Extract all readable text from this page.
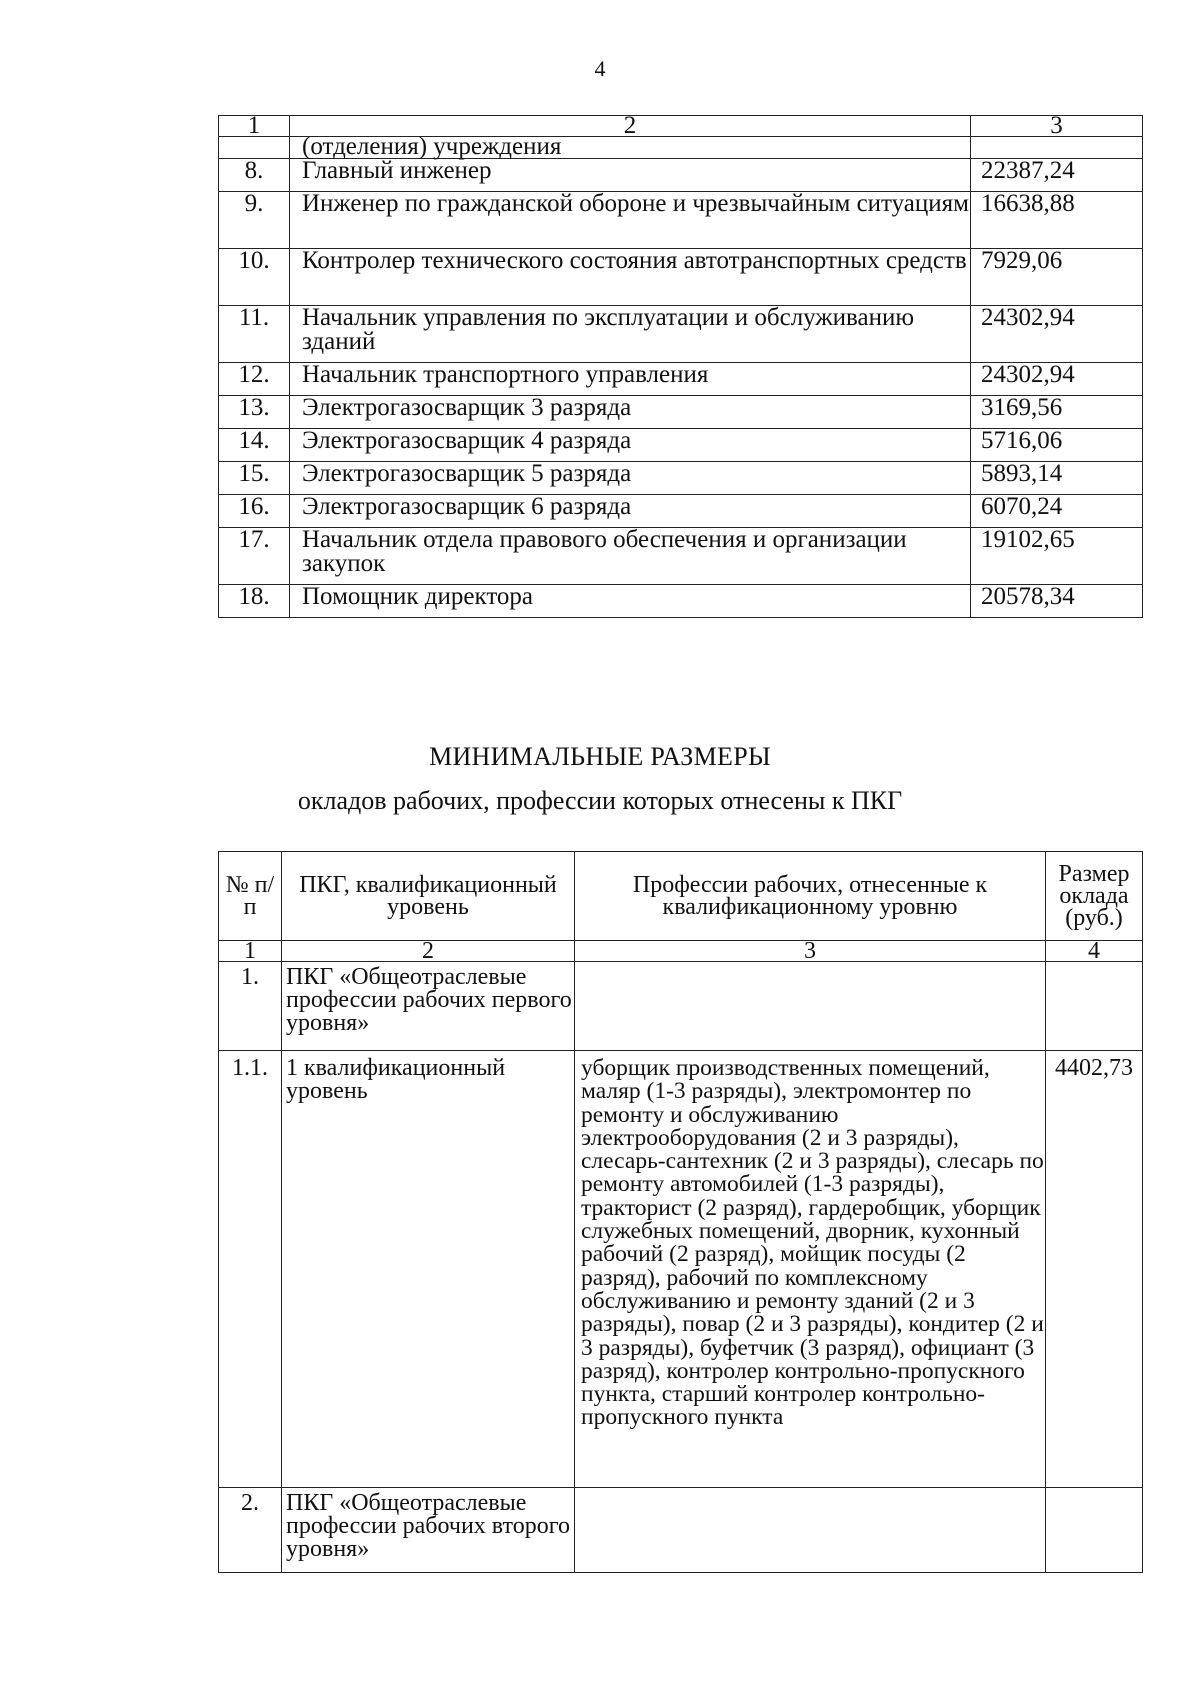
4
1	2	3
	(отделения) учреждения	
8.	Главный инженер	22387,24
9.	Инженер по гражданской обороне и чрезвычайным ситуациям	16638,88
10.	Контролер технического состояния автотранспортных средств	7929,06
11.	Начальник управления по эксплуатации и обслуживанию зданий	24302,94
12.	Начальник транспортного управления	24302,94
13.	Электрогазосварщик 3 разряда	3169,56
14.	Электрогазосварщик 4 разряда	5716,06
15.	Электрогазосварщик 5 разряда	5893,14
16.	Электрогазосварщик 6 разряда	6070,24
17.	Начальник отдела правового обеспечения и организации закупок	19102,65
18.	Помощник директора	20578,34
МИНИМАЛЬНЫЕ РАЗМЕРЫ
окладов рабочих, профессии которых отнесены к ПКГ
№ п/п	ПКГ, квалификационный уровень	Профессии рабочих, отнесенные к квалификационному уровню	Размер оклада (руб.)
1	2	3	4
1.	ПКГ «Общеотраслевые профессии рабочих первого уровня»		
1.1.	1 квалификационный уровень	уборщик производственных помещений, маляр (1-3 разряды), электромонтер по ремонту и обслуживанию электрооборудования (2 и 3 разряды), слесарь-сантехник (2 и 3 разряды), слесарь по ремонту автомобилей (1-3 разряды), тракторист (2 разряд), гардеробщик, уборщик служебных помещений, дворник, кухонный рабочий (2 разряд), мойщик посуды (2 разряд), рабочий по комплексному обслуживанию и ремонту зданий (2 и 3 разряды), повар (2 и 3 разряды), кондитер (2 и 3 разряды), буфетчик (3 разряд), официант (3 разряд), контролер контрольно-пропускного пункта, старший контролер контрольно-пропускного пункта	4402,73
2.	ПКГ «Общеотраслевые профессии рабочих второго уровня»		
